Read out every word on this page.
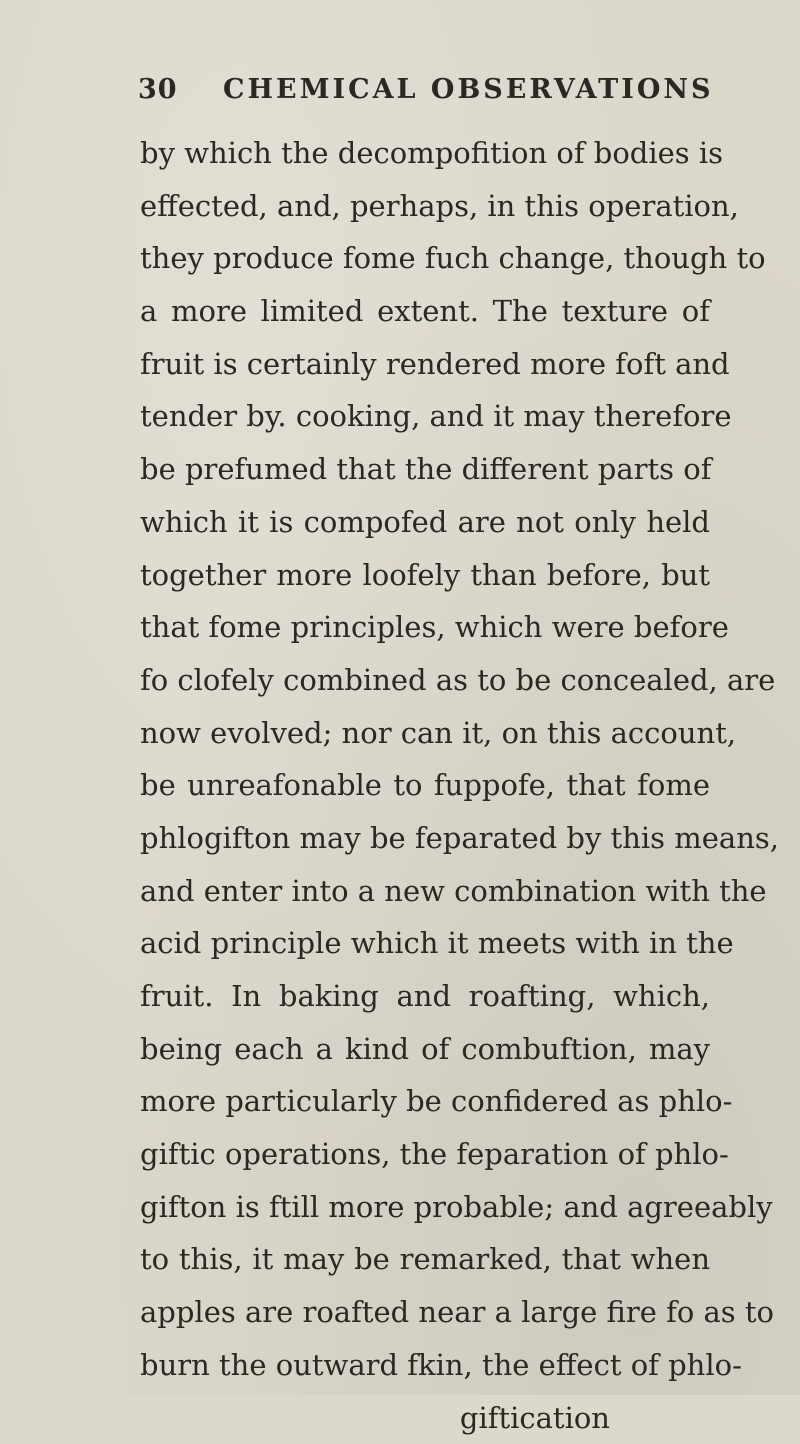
30 CHEMICAL OBSERVATIONS
by which the decompofition of bodies is
effected, and, perhaps, in this operation,
they produce fome fuch change, though to
a more limited extent. The texture of
fruit is certainly rendered more foft and
tender by. cooking, and it may therefore
be prefumed that the different parts of
which it is compofed are not only held
together more loofely than before, but
that fome principles, which were before
fo clofely combined as to be concealed, are
now evolved; nor can it, on this account,
be unreafonable to fuppofe, that fome
phlogifton may be feparated by this means,
and enter into a new combination with the
acid principle which it meets with in the
fruit. In baking and roafting, which,
being each a kind of combuftion, may
more particularly be confidered as phlo-
giftic operations, the feparation of phlo-
gifton is ftill more probable; and agreeably
to this, it may be remarked, that when
apples are roafted near a large fire fo as to
burn the outward fkin, the effect of phlo-
giftication
